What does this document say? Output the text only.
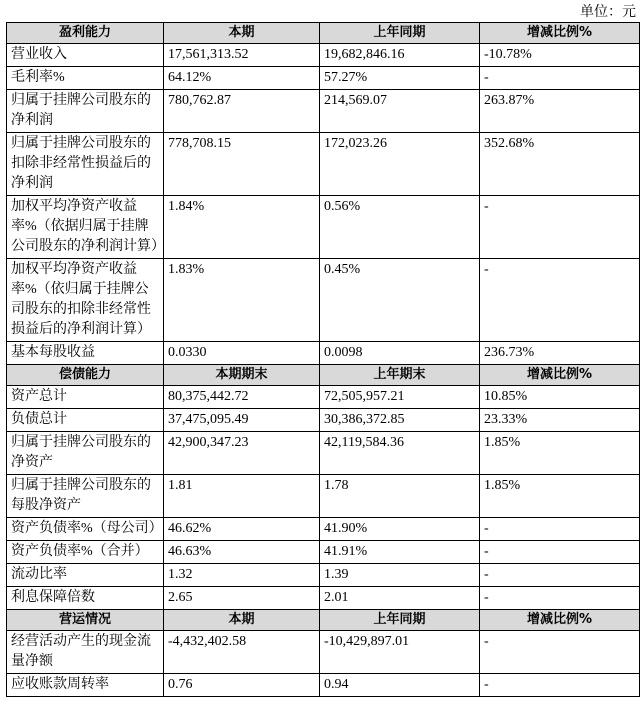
单位：元
盈利能力	本期	上年同期	增减比例%
营业收入	17,561,313.52	19,682,846.16	-10.78%
毛利率%	64.12%	57.27%	-
归属于挂牌公司股东的净利润	780,762.87	214,569.07	263.87%
归属于挂牌公司股东的扣除非经常性损益后的净利润	778,708.15	172,023.26	352.68%
加权平均净资产收益率%（依据归属于挂牌公司股东的净利润计算）	1.84%	0.56%	-
加权平均净资产收益率%（依归属于挂牌公司股东的扣除非经常性损益后的净利润计算）	1.83%	0.45%	-
基本每股收益	0.0330	0.0098	236.73%
偿债能力	本期期末	上年期末	增减比例%
资产总计	80,375,442.72	72,505,957.21	10.85%
负债总计	37,475,095.49	30,386,372.85	23.33%
归属于挂牌公司股东的净资产	42,900,347.23	42,119,584.36	1.85%
归属于挂牌公司股东的每股净资产	1.81	1.78	1.85%
资产负债率%（母公司）	46.62%	41.90%	-
资产负债率%（合并）	46.63%	41.91%	-
流动比率	1.32	1.39	-
利息保障倍数	2.65	2.01	-
营运情况	本期	上年同期	增减比例%
经营活动产生的现金流量净额	-4,432,402.58	-10,429,897.01	-
应收账款周转率	0.76	0.94	-
